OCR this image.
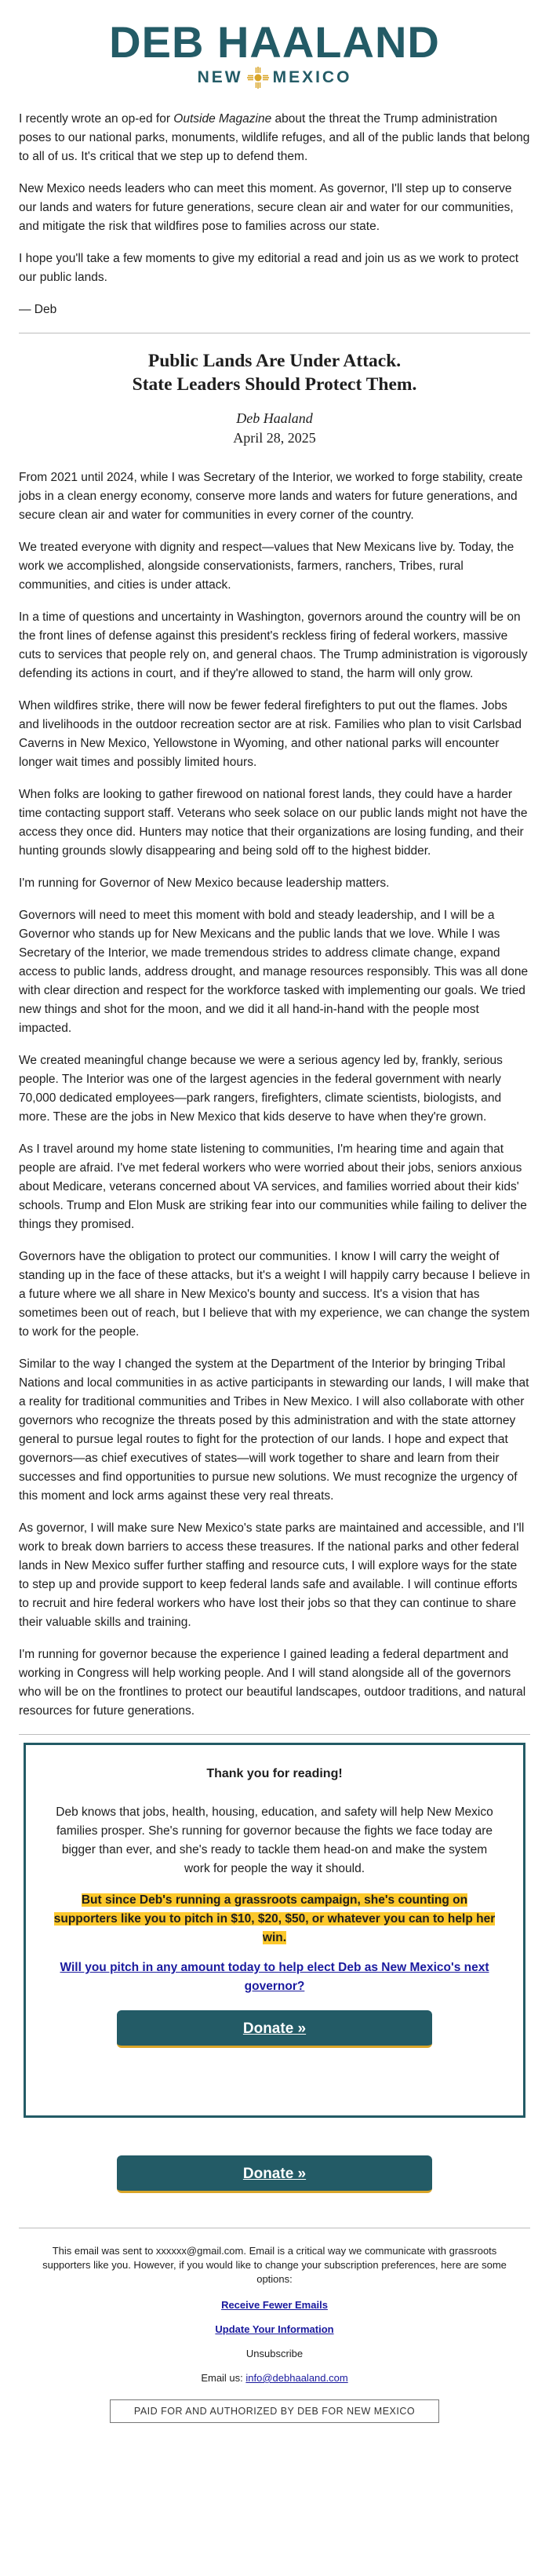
DEB HAALAND
NEW MEXICO

I recently wrote an op-ed for Outside Magazine about the threat the Trump administration poses to our national parks, monuments, wildlife refuges, and all of the public lands that belong to all of us. It's critical that we step up to defend them.

New Mexico needs leaders who can meet this moment. As governor, I'll step up to conserve our lands and waters for future generations, secure clean air and water for our communities, and mitigate the risk that wildfires pose to families across our state.

I hope you'll take a few moments to give my editorial a read and join us as we work to protect our public lands.

— Deb

Public Lands Are Under Attack.
State Leaders Should Protect Them.
Deb Haaland
April 28, 2025

From 2021 until 2024, while I was Secretary of the Interior, we worked to forge stability, create jobs in a clean energy economy, conserve more lands and waters for future generations, and secure clean air and water for communities in every corner of the country.

We treated everyone with dignity and respect—values that New Mexicans live by. Today, the work we accomplished, alongside conservationists, farmers, ranchers, Tribes, rural communities, and cities is under attack.

In a time of questions and uncertainty in Washington, governors around the country will be on the front lines of defense against this president's reckless firing of federal workers, massive cuts to services that people rely on, and general chaos. The Trump administration is vigorously defending its actions in court, and if they're allowed to stand, the harm will only grow.

When wildfires strike, there will now be fewer federal firefighters to put out the flames. Jobs and livelihoods in the outdoor recreation sector are at risk. Families who plan to visit Carlsbad Caverns in New Mexico, Yellowstone in Wyoming, and other national parks will encounter longer wait times and possibly limited hours.

When folks are looking to gather firewood on national forest lands, they could have a harder time contacting support staff. Veterans who seek solace on our public lands might not have the access they once did. Hunters may notice that their organizations are losing funding, and their hunting grounds slowly disappearing and being sold off to the highest bidder.

I'm running for Governor of New Mexico because leadership matters.

Governors will need to meet this moment with bold and steady leadership, and I will be a Governor who stands up for New Mexicans and the public lands that we love. While I was Secretary of the Interior, we made tremendous strides to address climate change, expand access to public lands, address drought, and manage resources responsibly. This was all done with clear direction and respect for the workforce tasked with implementing our goals. We tried new things and shot for the moon, and we did it all hand-in-hand with the people most impacted.

We created meaningful change because we were a serious agency led by, frankly, serious people. The Interior was one of the largest agencies in the federal government with nearly 70,000 dedicated employees—park rangers, firefighters, climate scientists, biologists, and more. These are the jobs in New Mexico that kids deserve to have when they're grown.

As I travel around my home state listening to communities, I'm hearing time and again that people are afraid. I've met federal workers who were worried about their jobs, seniors anxious about Medicare, veterans concerned about VA services, and families worried about their kids' schools. Trump and Elon Musk are striking fear into our communities while failing to deliver the things they promised.

Governors have the obligation to protect our communities. I know I will carry the weight of standing up in the face of these attacks, but it's a weight I will happily carry because I believe in a future where we all share in New Mexico's bounty and success. It's a vision that has sometimes been out of reach, but I believe that with my experience, we can change the system to work for the people.

Similar to the way I changed the system at the Department of the Interior by bringing Tribal Nations and local communities in as active participants in stewarding our lands, I will make that a reality for traditional communities and Tribes in New Mexico. I will also collaborate with other governors who recognize the threats posed by this administration and with the state attorney general to pursue legal routes to fight for the protection of our lands. I hope and expect that governors—as chief executives of states—will work together to share and learn from their successes and find opportunities to pursue new solutions. We must recognize the urgency of this moment and lock arms against these very real threats.

As governor, I will make sure New Mexico's state parks are maintained and accessible, and I'll work to break down barriers to access these treasures. If the national parks and other federal lands in New Mexico suffer further staffing and resource cuts, I will explore ways for the state to step up and provide support to keep federal lands safe and available. I will continue efforts to recruit and hire federal workers who have lost their jobs so that they can continue to share their valuable skills and training.

I'm running for governor because the experience I gained leading a federal department and working in Congress will help working people. And I will stand alongside all of the governors who will be on the frontlines to protect our beautiful landscapes, outdoor traditions, and natural resources for future generations.

Thank you for reading!

Deb knows that jobs, health, housing, education, and safety will help New Mexico families prosper. She's running for governor because the fights we face today are bigger than ever, and she's ready to tackle them head-on and make the system work for people the way it should.

But since Deb's running a grassroots campaign, she's counting on supporters like you to pitch in $10, $20, $50, or whatever you can to help her win.

Will you pitch in any amount today to help elect Deb as New Mexico's next governor?
Donate »
Donate »

This email was sent to xxxxxx@gmail.com. Email is a critical way we communicate with grassroots supporters like you. However, if you would like to change your subscription preferences, here are some options:

Receive Fewer Emails
Update Your Information

Unsubscribe

Email us: info@debhaaland.com

PAID FOR AND AUTHORIZED BY DEB FOR NEW MEXICO
